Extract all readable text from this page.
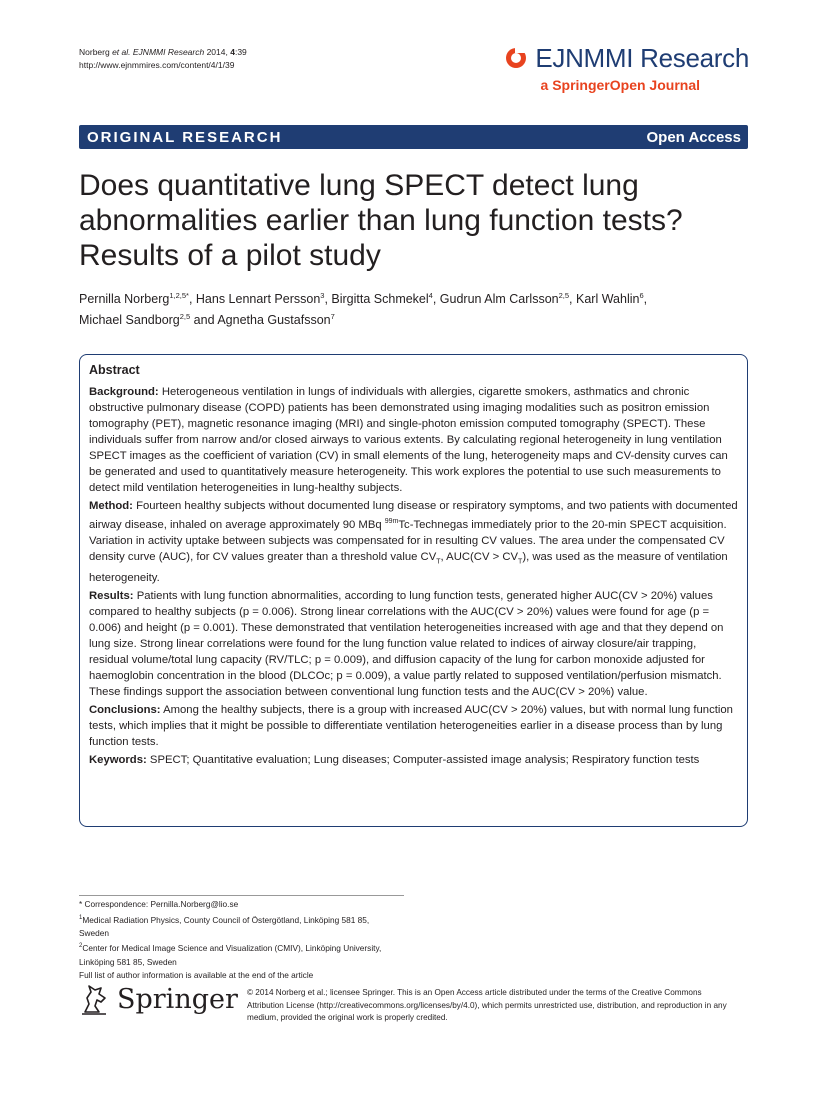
Norberg et al. EJNMMI Research 2014, 4:39
http://www.ejnmmires.com/content/4/1/39	EJNMMI Research
a SpringerOpen Journal
ORIGINAL RESEARCH	Open Access
Does quantitative lung SPECT detect lung abnormalities earlier than lung function tests? Results of a pilot study
Pernilla Norberg$^{1,2,5*}$, Hans Lennart Persson$^3$, Birgitta Schmekel$^4$, Gudrun Alm Carlsson$^{2,5}$, Karl Wahlin$^6$,
Michael Sandborg$^{2,5}$ and Agnetha Gustafsson$^7$
Abstract

Background: Heterogeneous ventilation in lungs of individuals with allergies, cigarette smokers, asthmatics and chronic obstructive pulmonary disease (COPD) patients has been demonstrated using imaging modalities such as positron emission tomography (PET), magnetic resonance imaging (MRI) and single-photon emission computed tomography (SPECT). These individuals suffer from narrow and/or closed airways to various extents. By calculating regional heterogeneity in lung ventilation SPECT images as the coefficient of variation (CV) in small elements of the lung, heterogeneity maps and CV-density curves can be generated and used to quantitatively measure heterogeneity. This work explores the potential to use such measurements to detect mild ventilation heterogeneities in lung-healthy subjects.

Method: Fourteen healthy subjects without documented lung disease or respiratory symptoms, and two patients with documented airway disease, inhaled on average approximately 90 MBq $^{99m}$Tc-Technegas immediately prior to the 20-min SPECT acquisition. Variation in activity uptake between subjects was compensated for in resulting CV values. The area under the compensated CV density curve (AUC), for CV values greater than a threshold value $CV_T$, $AUC(CV > CV_T)$, was used as the measure of ventilation heterogeneity.

Results: Patients with lung function abnormalities, according to lung function tests, generated higher AUC(CV > 20%) values compared to healthy subjects (p = 0.006). Strong linear correlations with the AUC(CV > 20%) values were found for age (p = 0.006) and height (p = 0.001). These demonstrated that ventilation heterogeneities increased with age and that they depend on lung size. Strong linear correlations were found for the lung function value related to indices of airway closure/air trapping, residual volume/total lung capacity (RV/TLC; p = 0.009), and diffusion capacity of the lung for carbon monoxide adjusted for haemoglobin concentration in the blood (DLCOc; p = 0.009), a value partly related to supposed ventilation/perfusion mismatch. These findings support the association between conventional lung function tests and the AUC(CV > 20%) value.

Conclusions: Among the healthy subjects, there is a group with increased AUC(CV > 20%) values, but with normal lung function tests, which implies that it might be possible to differentiate ventilation heterogeneities earlier in a disease process than by lung function tests.

Keywords: SPECT; Quantitative evaluation; Lung diseases; Computer-assisted image analysis; Respiratory function tests

* Correspondence: Pernilla.Norberg@lio.se
$^1$Medical Radiation Physics, County Council of Östergötland, Linköping 581 85, Sweden
$^2$Center for Medical Image Science and Visualization (CMIV), Linköping University, Linköping 581 85, Sweden
Full list of author information is available at the end of the article
Springer © 2014 Norberg et al.; licensee Springer. This is an Open Access article distributed under the terms of the Creative Commons Attribution License (http://creativecommons.org/licenses/by/4.0), which permits unrestricted use, distribution, and reproduction in any medium, provided the original work is properly credited.
